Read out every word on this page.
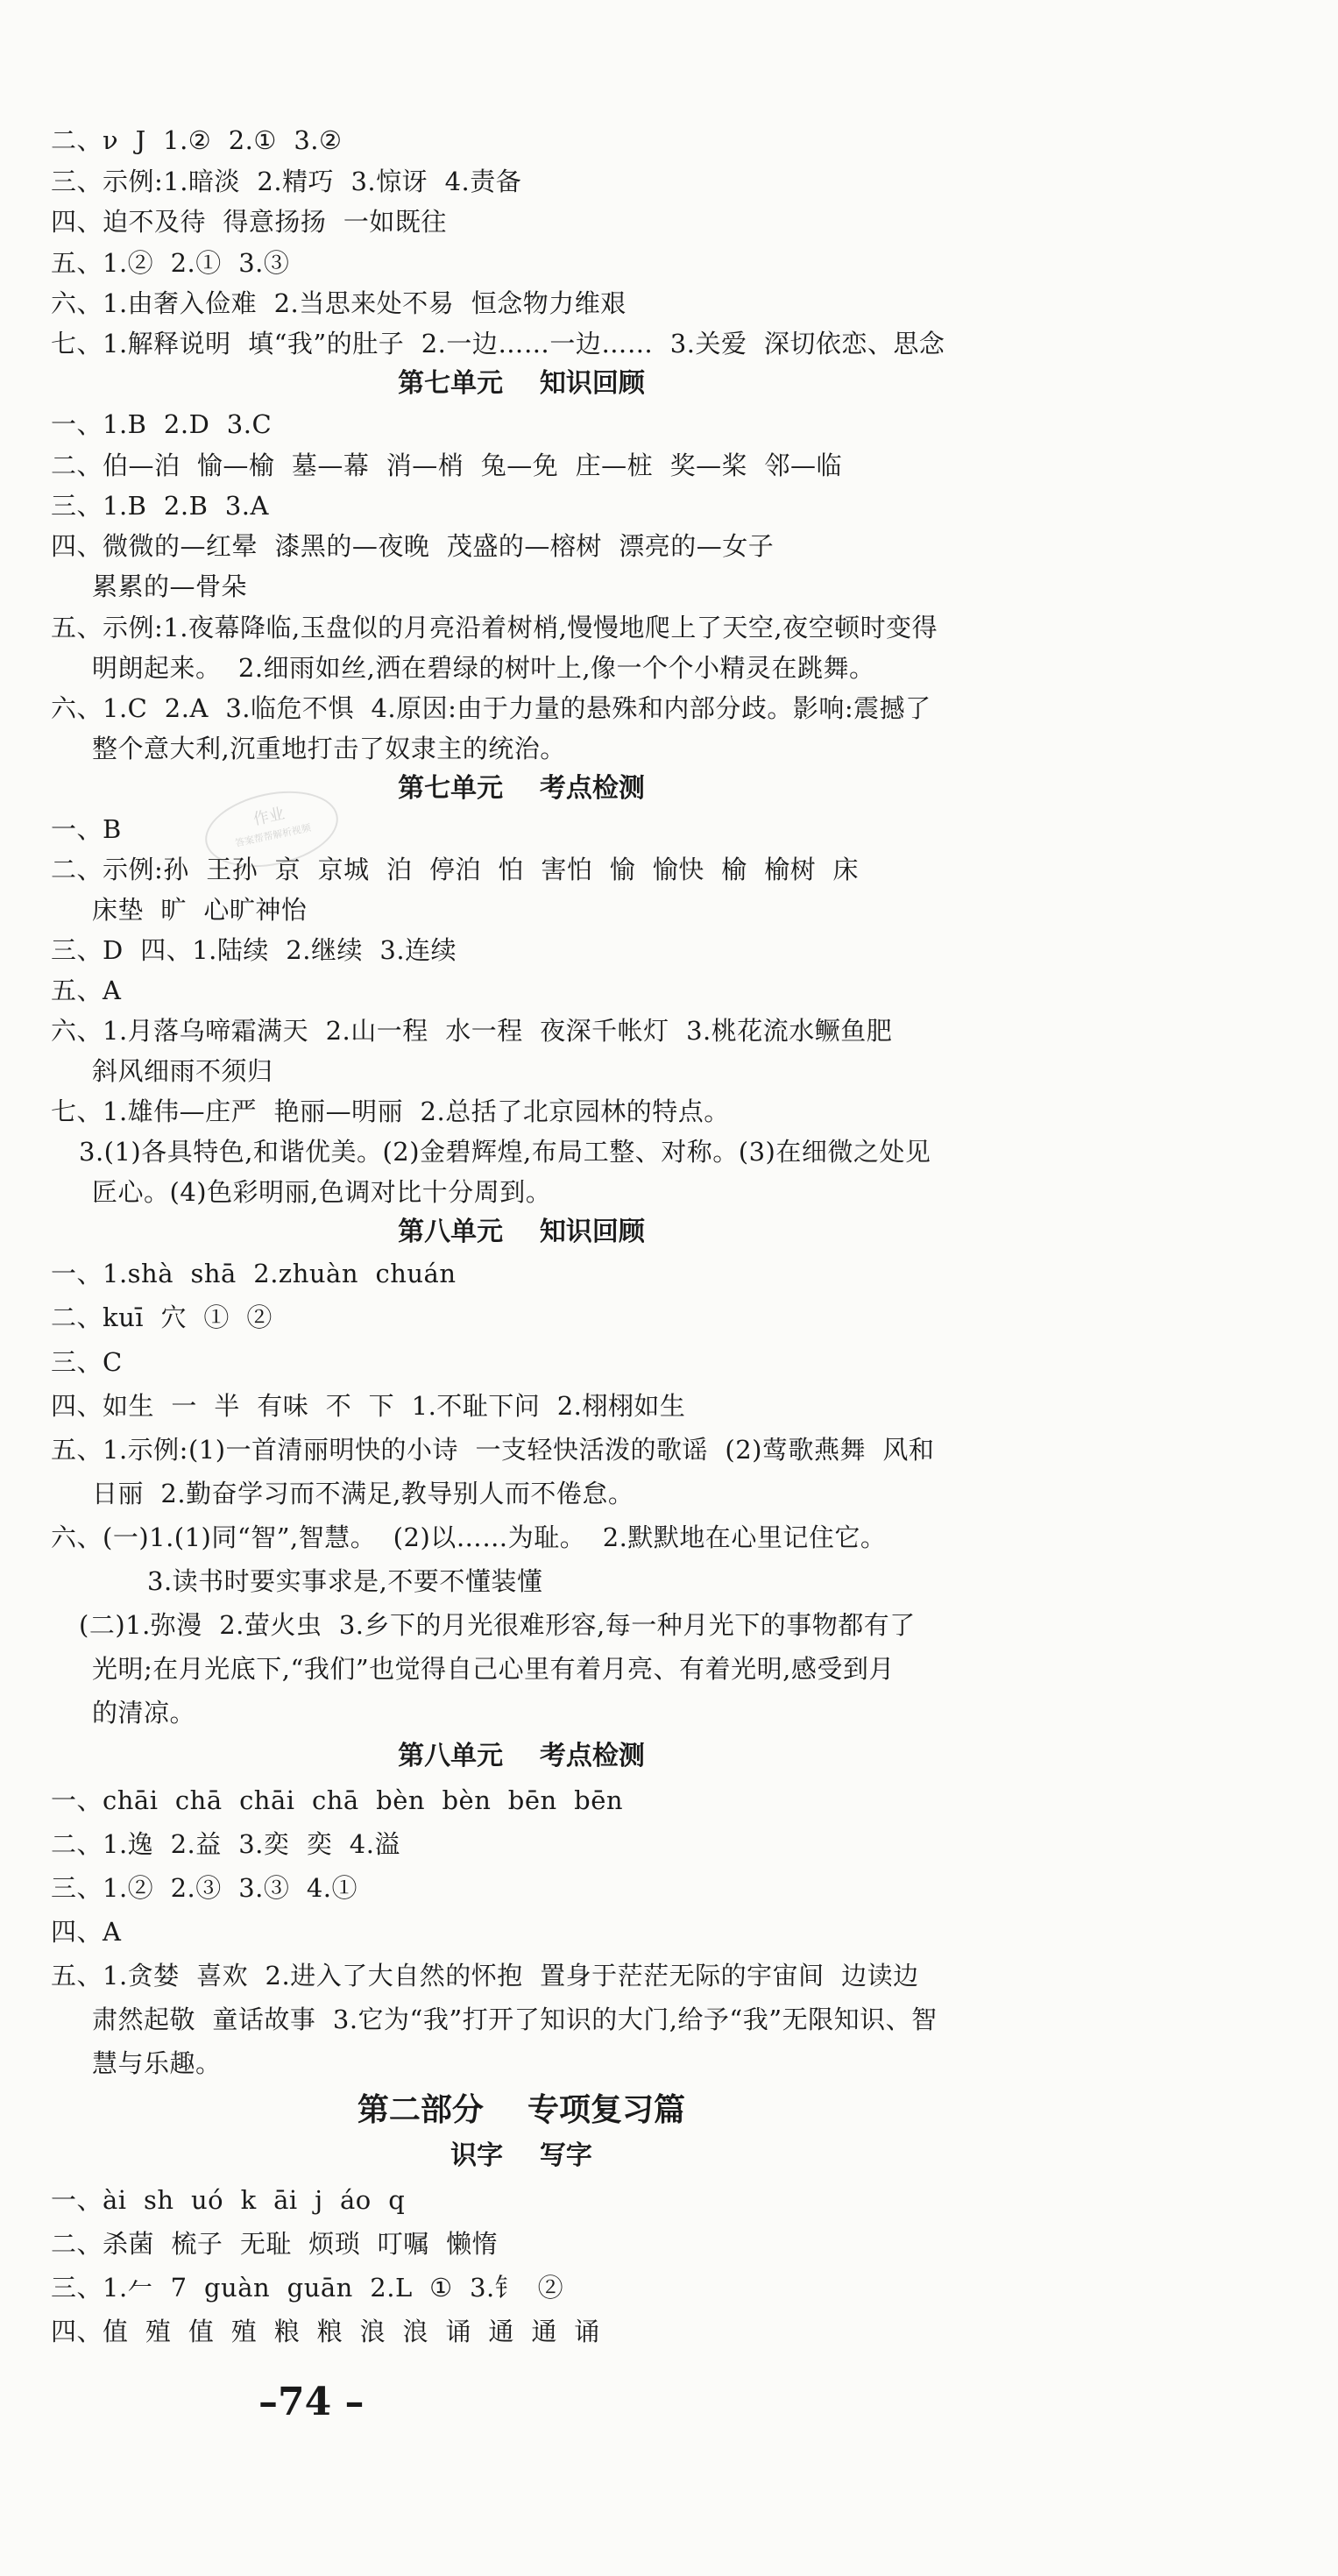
作业
答案帮帮解析视频
二、ν  J  1.②  2.①  3.②
三、示例:1.暗淡  2.精巧  3.惊讶  4.责备
四、迫不及待  得意扬扬  一如既往
五、1.②  2.①  3.③
六、1.由奢入俭难  2.当思来处不易  恒念物力维艰
七、1.解释说明  填“我”的肚子  2.一边……一边……  3.关爱  深切依恋、思念
第七单元    知识回顾
一、1.B  2.D  3.C
二、伯—泊  愉—榆  墓—幕  消—梢  兔—免  庄—桩  奖—桨  邻—临
三、1.B  2.B  3.A
四、微微的—红晕  漆黑的—夜晚  茂盛的—榕树  漂亮的—女子
累累的—骨朵
五、示例:1.夜幕降临,玉盘似的月亮沿着树梢,慢慢地爬上了天空,夜空顿时变得
明朗起来。  2.细雨如丝,洒在碧绿的树叶上,像一个个小精灵在跳舞。
六、1.C  2.A  3.临危不惧  4.原因:由于力量的悬殊和内部分歧。影响:震撼了
整个意大利,沉重地打击了奴隶主的统治。
第七单元    考点检测
一、B
二、示例:孙  王孙  京  京城  泊  停泊  怕  害怕  愉  愉快  榆  榆树  床
床垫  旷  心旷神怡
三、D  四、1.陆续  2.继续  3.连续
五、A
六、1.月落乌啼霜满天  2.山一程  水一程  夜深千帐灯  3.桃花流水鳜鱼肥
斜风细雨不须归
七、1.雄伟—庄严  艳丽—明丽  2.总括了北京园林的特点。
3.(1)各具特色,和谐优美。(2)金碧辉煌,布局工整、对称。(3)在细微之处见
匠心。(4)色彩明丽,色调对比十分周到。
第八单元    知识回顾
一、1.shà  shā  2.zhuàn  chuán
二、kuī  穴  ①  ②
三、C
四、如生  一  半  有味  不  下  1.不耻下问  2.栩栩如生
五、1.示例:(1)一首清丽明快的小诗  一支轻快活泼的歌谣  (2)莺歌燕舞  风和
日丽  2.勤奋学习而不满足,教导别人而不倦怠。
六、(一)1.(1)同“智”,智慧。  (2)以……为耻。  2.默默地在心里记住它。
3.读书时要实事求是,不要不懂装懂
(二)1.弥漫  2.萤火虫  3.乡下的月光很难形容,每一种月光下的事物都有了
光明;在月光底下,“我们”也觉得自己心里有着月亮、有着光明,感受到月
的清凉。
第八单元    考点检测
一、chāi  chā  chāi  chā  bèn  bèn  bēn  bēn
二、1.逸  2.益  3.奕  奕  4.溢
三、1.②  2.③  3.③  4.①
四、A
五、1.贪婪  喜欢  2.进入了大自然的怀抱  置身于茫茫无际的宇宙间  边读边
肃然起敬  童话故事  3.它为“我”打开了知识的大门,给予“我”无限知识、智
慧与乐趣。
第二部分    专项复习篇
识字    写字
一、ài  sh  uó  k  āi  j  áo  q
二、杀菌  梳子  无耻  烦琐  叮嘱  懒惰
三、1.𠂉  7  guàn  guān  2.L  ①  3.钅  ②
四、值  殖  值  殖  粮  粮  浪  浪  诵  通  通  诵
–74 –
